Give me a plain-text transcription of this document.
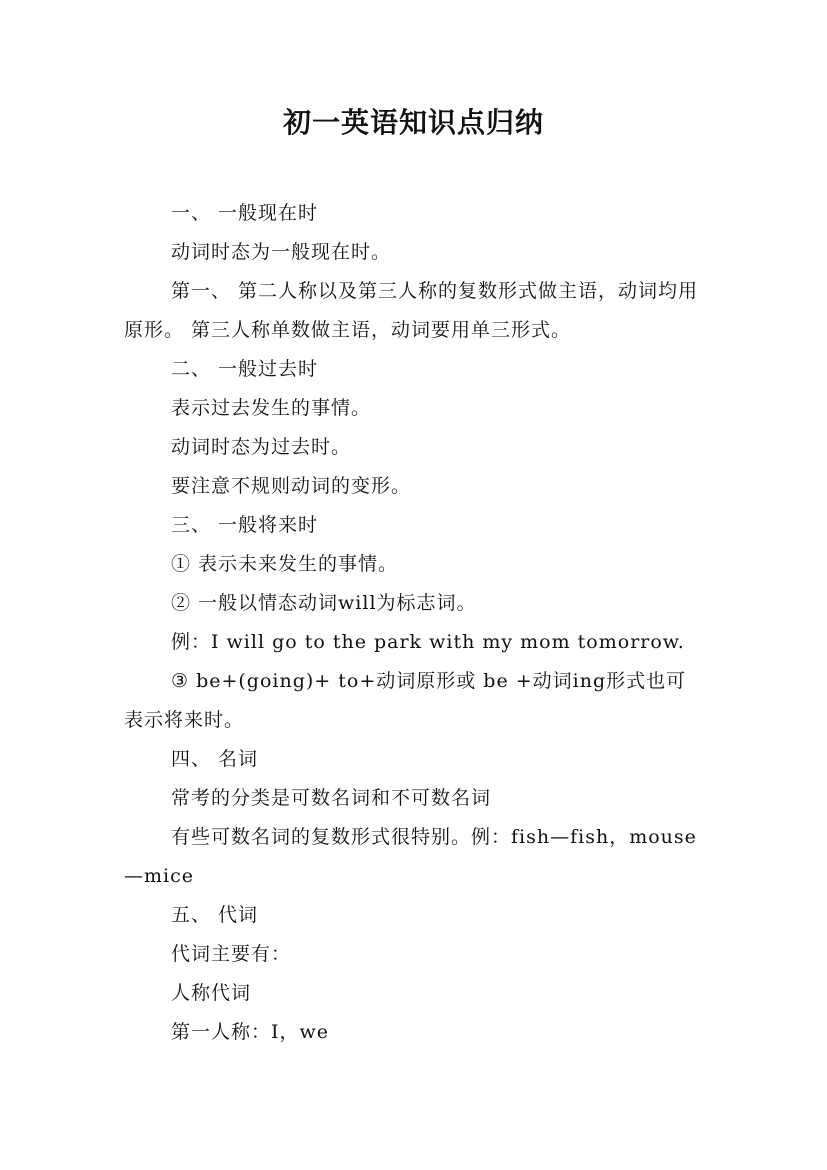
初一英语知识点归纳

一、 一般现在时

动词时态为一般现在时。

第一、 第二人称以及第三人称的复数形式做主语，动词均用原形。 第三人称单数做主语，动词要用单三形式。

二、 一般过去时

表示过去发生的事情。

动词时态为过去时。

要注意不规则动词的变形。

三、 一般将来时

① 表示未来发生的事情。

② 一般以情态动词will为标志词。

例：I will go to the park with my mom tomorrow.

③ be+(going)+ to+动词原形或 be +动词ing形式也可表示将来时。

四、 名词

常考的分类是可数名词和不可数名词

有些可数名词的复数形式很特别。例：fish—fish，mouse—mice

五、 代词

代词主要有：

人称代词

第一人称：I，we
